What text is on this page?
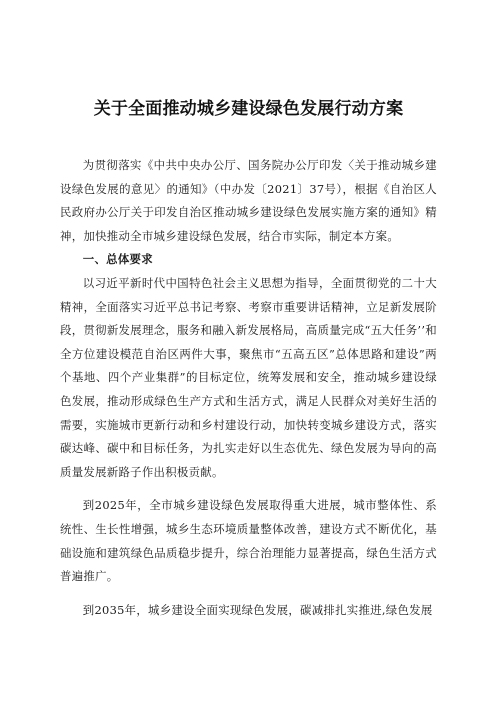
关于全面推动城乡建设绿色发展行动方案

为贯彻落实《中共中央办公厅、国务院办公厅印发〈关于推动城乡建设绿色发展的意见〉的通知》（中办发〔2021〕37号），根据《自治区人民政府办公厅关于印发自治区推动城乡建设绿色发展实施方案的通知》精神，加快推动全市城乡建设绿色发展，结合市实际，制定本方案。

一、总体要求

以习近平新时代中国特色社会主义思想为指导，全面贯彻党的二十大精神，全面落实习近平总书记考察、考察市重要讲话精神，立足新发展阶段，贯彻新发展理念，服务和融入新发展格局，高质量完成“五大任务’’和全方位建设模范自治区两件大事，聚焦市“五高五区”总体思路和建设”两个基地、四个产业集群”的目标定位，统筹发展和安全，推动城乡建设绿色发展，推动形成绿色生产方式和生活方式，满足人民群众对美好生活的需要，实施城市更新行动和乡村建设行动，加快转变城乡建设方式，落实碳达峰、碳中和目标任务，为扎实走好以生态优先、绿色发展为导向的高质量发展新路子作出积极贡献。

到2025年，全市城乡建设绿色发展取得重大进展，城市整体性、系统性、生长性增强，城乡生态环境质量整体改善，建设方式不断优化，基础设施和建筑绿色品质稳步提升，综合治理能力显著提高，绿色生活方式普遍推广。

到2035年，城乡建设全面实现绿色发展，碳减排扎实推进,绿色发展
